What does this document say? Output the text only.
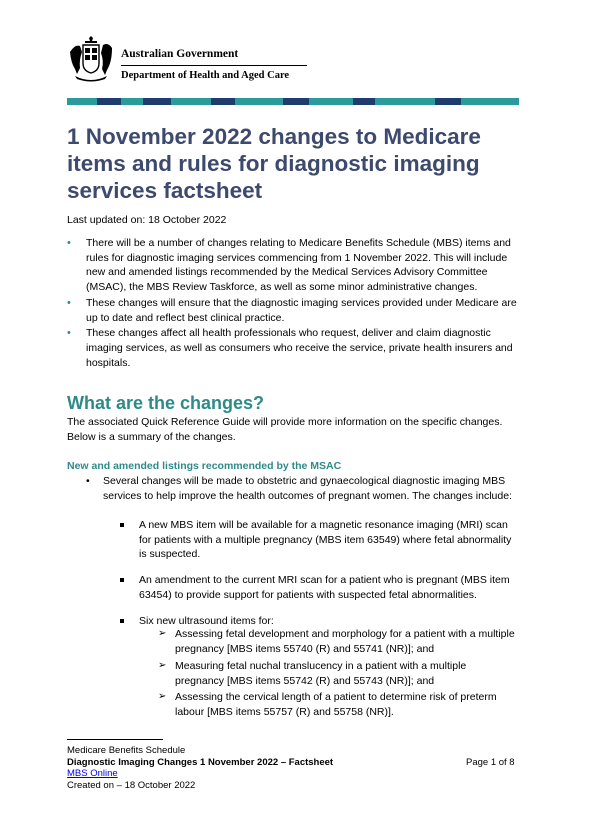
Australian Government
Department of Health and Aged Care
1 November 2022 changes to Medicare items and rules for diagnostic imaging services factsheet
Last updated on: 18 October 2022
• There will be a number of changes relating to Medicare Benefits Schedule (MBS) items and rules for diagnostic imaging services commencing from 1 November 2022. This will include new and amended listings recommended by the Medical Services Advisory Committee (MSAC), the MBS Review Taskforce, as well as some minor administrative changes.
• These changes will ensure that the diagnostic imaging services provided under Medicare are up to date and reflect best clinical practice.
• These changes affect all health professionals who request, deliver and claim diagnostic imaging services, as well as consumers who receive the service, private health insurers and hospitals.
What are the changes?

The associated Quick Reference Guide will provide more information on the specific changes. Below is a summary of the changes.

New and amended listings recommended by the MSAC
• Several changes will be made to obstetric and gynaecological diagnostic imaging MBS services to help improve the health outcomes of pregnant women. The changes include:
A new MBS item will be available for a magnetic resonance imaging (MRI) scan for patients with a multiple pregnancy (MBS item 63549) where fetal abnormality is suspected.
An amendment to the current MRI scan for a patient who is pregnant (MBS item 63454) to provide support for patients with suspected fetal abnormalities.
Six new ultrasound items for:
➢ Assessing fetal development and morphology for a patient with a multiple pregnancy [MBS items 55740 (R) and 55741 (NR)]; and
➢ Measuring fetal nuchal translucency in a patient with a multiple pregnancy [MBS items 55742 (R) and 55743 (NR)]; and
➢ Assessing the cervical length of a patient to determine risk of preterm labour [MBS items 55757 (R) and 55758 (NR)].
Medicare Benefits Schedule
Diagnostic Imaging Changes 1 November 2022 – Factsheet
MBS Online
Created on – 18 October 2022
Page 1 of 8
